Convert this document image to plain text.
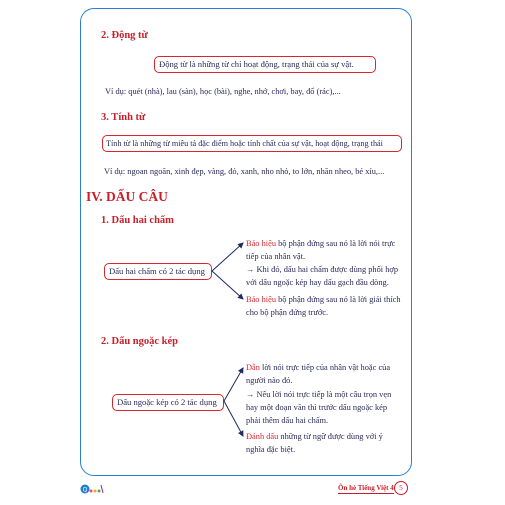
2. Động từ
Động từ là những từ chỉ hoạt động, trạng thái của sự vật.
Ví dụ: quét (nhà), lau (sàn), học (bài), nghe, nhớ, chơi, bay, đổ (rác),...
3. Tính từ
Tính từ là những từ miêu tả đặc điểm hoặc tính chất của sự vật, hoạt động, trạng thái
Ví dụ: ngoan ngoãn, xinh đẹp, vàng, đỏ, xanh, nho nhỏ, to lớn, nhăn nheo, bé xíu,...
IV. DẤU CÂU
1. Dấu hai chấm
Dấu hai chấm có 2 tác dụng
Báo hiệu bộ phận đứng sau nó là lời nói trực
tiếp của nhân vật.
→ Khi đó, dấu hai chấm được dùng phối hợp
với dấu ngoặc kép hay dấu gạch đầu dòng.
Báo hiệu bộ phận đứng sau nó là lời giải thích
cho bộ phận đứng trước.
2. Dấu ngoặc kép
Dấu ngoặc kép có 2 tác dụng
Dẫn lời nói trực tiếp của nhân vật hoặc của
người nào đó.
→ Nếu lời nói trực tiếp là một câu trọn vẹn
hay một đoạn văn thì trước dấu ngoặc kép
phải thêm dấu hai chấm.
Đánh dấu những từ ngữ được dùng với ý
nghĩa đặc biệt.
Q	Ôn hè Tiếng Việt 4 5
